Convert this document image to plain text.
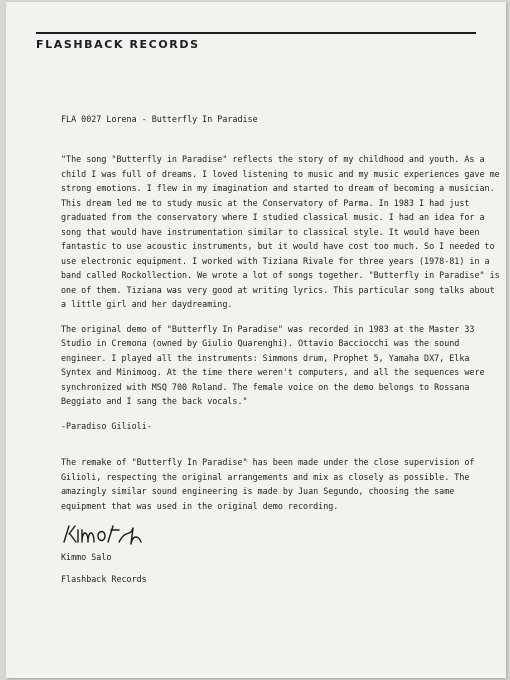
FLASHBACK RECORDS
FLA 0027 Lorena - Butterfly In Paradise

"The song "Butterfly in Paradise" reflects the story of my childhood and youth. As a child I was full of dreams. I loved listening to music and my music experiences gave me strong emotions. I flew in my imagination and started to dream of becoming a musician. This dream led me to study music at the Conservatory of Parma. In 1983 I had just graduated from the conservatory where I studied classical music. I had an idea for a song that would have instrumentation similar to classical style. It would have been fantastic to use acoustic instruments, but it would have cost too much. So I needed to use electronic equipment. I worked with Tiziana Rivale for three years (1978-81) in a band called Rockollection. We wrote a lot of songs together. "Butterfly in Paradise" is one of them. Tiziana was very good at writing lyrics. This particular song talks about a little girl and her daydreaming.

The original demo of "Butterfly In Paradise" was recorded in 1983 at the Master 33 Studio in Cremona (owned by Giulio Quarenghi). Ottavio Bacciocchi was the sound engineer. I played all the instruments: Simmons drum, Prophet 5, Yamaha DX7, Elka Syntex and Minimoog. At the time there weren't computers, and all the sequences were synchronized with MSQ 700 Roland. The female voice on the demo belongs to Rossana Beggiato and I sang the back vocals."

-Paradiso Gilioli-

The remake of "Butterfly In Paradise" has been made under the close supervision of Gilioli, respecting the original arrangements and mix as closely as possible. The amazingly similar sound engineering is made by Juan Segundo, choosing the same equipment that was used in the original demo recording.

Kimmo Salo
Flashback Records
